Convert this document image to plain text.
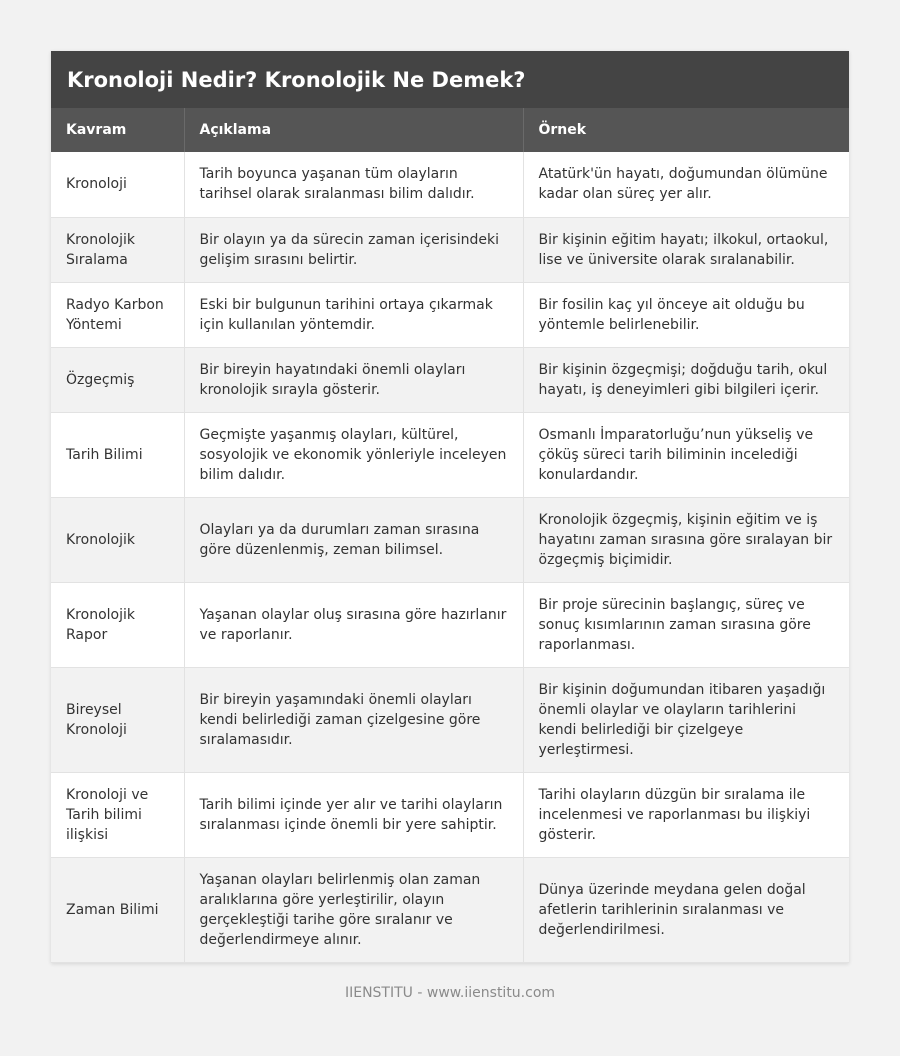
Kronoloji Nedir? Kronolojik Ne Demek?
Kavram	Açıklama	Örnek
Kronoloji	Tarih boyunca yaşanan tüm olayların tarihsel olarak sıralanması bilim dalıdır.	Atatürk'ün hayatı, doğumundan ölümüne kadar olan süreç yer alır.
Kronolojik Sıralama	Bir olayın ya da sürecin zaman içerisindeki gelişim sırasını belirtir.	Bir kişinin eğitim hayatı; ilkokul, ortaokul, lise ve üniversite olarak sıralanabilir.
Radyo Karbon Yöntemi	Eski bir bulgunun tarihini ortaya çıkarmak için kullanılan yöntemdir.	Bir fosilin kaç yıl önceye ait olduğu bu yöntemle belirlenebilir.
Özgeçmiş	Bir bireyin hayatındaki önemli olayları kronolojik sırayla gösterir.	Bir kişinin özgeçmişi; doğduğu tarih, okul hayatı, iş deneyimleri gibi bilgileri içerir.
Tarih Bilimi	Geçmişte yaşanmış olayları, kültürel, sosyolojik ve ekonomik yönleriyle inceleyen bilim dalıdır.	Osmanlı İmparatorluğu’nun yükseliş ve çöküş süreci tarih biliminin incelediği konulardandır.
Kronolojik	Olayları ya da durumları zaman sırasına göre düzenlenmiş, zeman bilimsel.	Kronolojik özgeçmiş, kişinin eğitim ve iş hayatını zaman sırasına göre sıralayan bir özgeçmiş biçimidir.
Kronolojik Rapor	Yaşanan olaylar oluş sırasına göre hazırlanır ve raporlanır.	Bir proje sürecinin başlangıç, süreç ve sonuç kısımlarının zaman sırasına göre raporlanması.
Bireysel Kronoloji	Bir bireyin yaşamındaki önemli olayları kendi belirlediği zaman çizelgesine göre sıralamasıdır.	Bir kişinin doğumundan itibaren yaşadığı önemli olaylar ve olayların tarihlerini kendi belirlediği bir çizelgeye yerleştirmesi.
Kronoloji ve Tarih bilimi ilişkisi	Tarih bilimi içinde yer alır ve tarihi olayların sıralanması içinde önemli bir yere sahiptir.	Tarihi olayların düzgün bir sıralama ile incelenmesi ve raporlanması bu ilişkiyi gösterir.
Zaman Bilimi	Yaşanan olayları belirlenmiş olan zaman aralıklarına göre yerleştirilir, olayın gerçekleştiği tarihe göre sıralanır ve değerlendirmeye alınır.	Dünya üzerinde meydana gelen doğal afetlerin tarihlerinin sıralanması ve değerlendirilmesi.
IIENSTITU - www.iienstitu.com
